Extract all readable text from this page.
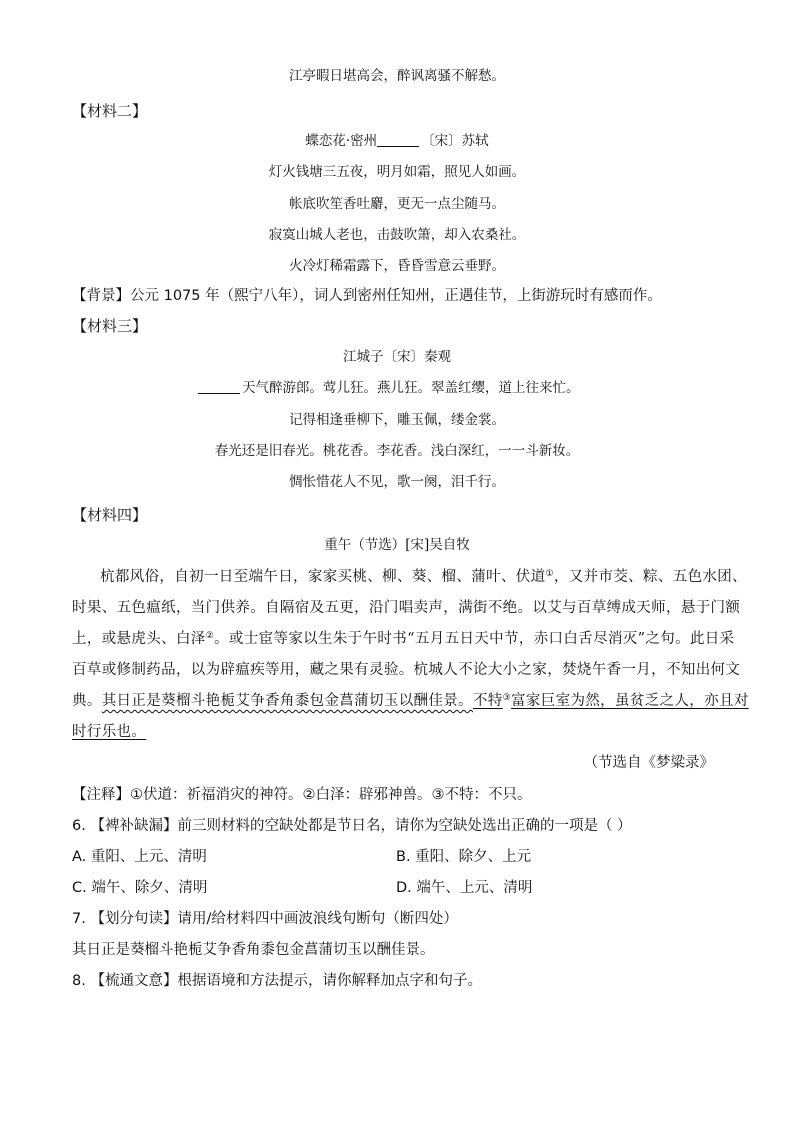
江亭暇日堪高会，醉讽离骚不解愁。
【材料二】
蝶恋花·密州	〔宋〕苏轼
灯火钱塘三五夜，明月如霜，照见人如画。
帐底吹笙香吐麝，更无一点尘随马。
寂寞山城人老也，击鼓吹箫，却入农桑社。
火冷灯稀霜露下，昏昏雪意云垂野。
【背景】公元 1075 年（熙宁八年），词人到密州任知州，正遇佳节，上街游玩时有感而作。
【材料三】
江城子〔宋〕秦观
天气醉游郎。莺儿狂。燕儿狂。翠盖红缨，道上往来忙。
记得相逢垂柳下，雕玉佩，缕金裳。
春光还是旧春光。桃花香。李花香。浅白深红，一一斗新妆。
惆怅惜花人不见，歌一阕，泪千行。
【材料四】
重午（节选）[宋]吴自牧
杭都风俗，自初一日至端午日，家家买桃、柳、葵、榴、蒲叶、伏道①，又并市茭、粽、五色水团、
时果、五色瘟纸，当门供养。自隔宿及五更，沿门唱卖声，满街不绝。以艾与百草缚成天师，悬于门额
上，或悬虎头、白泽②。或士宦等家以生朱于午时书“五月五日天中节，赤口白舌尽消灭”之句。此日采
百草或修制药品，以为辟瘟疾等用，藏之果有灵验。杭城人不论大小之家，焚烧午香一月，不知出何文
典。其日正是葵榴斗艳栀艾争香角黍包金菖蒲切玉以酬佳景。不特③富家巨室为然，虽贫乏之人，亦且对
时行乐也。
（节选自《梦粱录》
【注释】①伏道：祈福消灾的神符。②白泽：辟邪神兽。③不特：不只。
6. 【裨补缺漏】前三则材料的空缺处都是节日名，请你为空缺处选出正确的一项是（ ）
A. 重阳、上元、清明	B. 重阳、除夕、上元
C. 端午、除夕、清明	D. 端午、上元、清明
7. 【划分句读】请用/给材料四中画波浪线句断句（断四处）
其日正是葵榴斗艳栀艾争香角黍包金菖蒲切玉以酬佳景。
8. 【梳通文意】根据语境和方法提示，请你解释加点字和句子。
